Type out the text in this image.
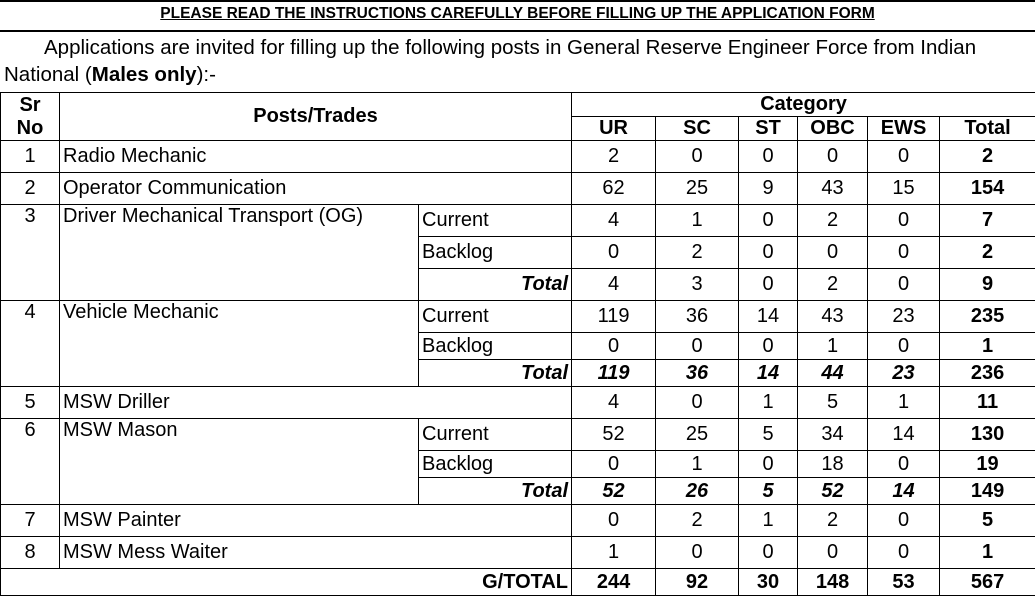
PLEASE READ THE INSTRUCTIONS CAREFULLY BEFORE FILLING UP THE APPLICATION FORM
Applications are invited for filling up the following posts in General Reserve Engineer Force from Indian National (Males only):-
Sr
No	Posts/Trades		Category					
			UR	SC	ST	OBC	EWS	Total
1	Radio Mechanic		2	0	0	0	0	2
2	Operator Communication		62	25	9	43	15	154
3	Driver Mechanical Transport (OG)	Current	4	1	0	2	0	7
		Backlog	0	2	0	0	0	2
		Total	4	3	0	2	0	9
4	Vehicle Mechanic	Current	119	36	14	43	23	235
		Backlog	0	0	0	1	0	1
		Total	119	36	14	44	23	236
5	MSW Driller		4	0	1	5	1	11
6	MSW Mason	Current	52	25	5	34	14	130
		Backlog	0	1	0	18	0	19
		Total	52	26	5	52	14	149
7	MSW Painter		0	2	1	2	0	5
8	MSW Mess Waiter		1	0	0	0	0	1
G/TOTAL			244	92	30	148	53	567
